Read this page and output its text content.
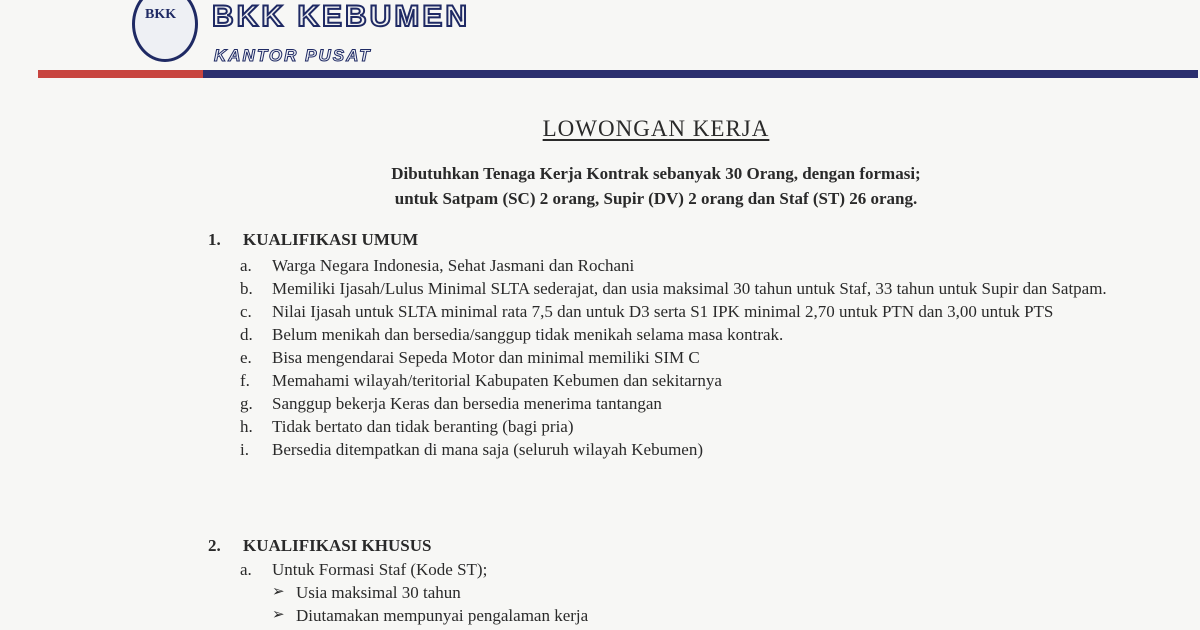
BKK BKK KEBUMEN
KANTOR PUSAT
LOWONGAN KERJA
Dibutuhkan Tenaga Kerja Kontrak sebanyak 30 Orang, dengan formasi;
untuk Satpam (SC) 2 orang, Supir (DV) 2 orang dan Staf (ST) 26 orang.
1. KUALIFIKASI UMUM
a.	Warga Negara Indonesia, Sehat Jasmani dan Rochani
b.	Memiliki Ijasah/Lulus Minimal SLTA sederajat, dan usia maksimal 30 tahun untuk Staf, 33 tahun untuk Supir dan Satpam.
c.	Nilai Ijasah untuk SLTA minimal rata 7,5 dan untuk D3 serta S1 IPK minimal 2,70 untuk PTN dan 3,00 untuk PTS
d.	Belum menikah dan bersedia/sanggup tidak menikah selama masa kontrak.
e.	Bisa mengendarai Sepeda Motor dan minimal memiliki SIM C
f.	Memahami wilayah/teritorial Kabupaten Kebumen dan sekitarnya
g.	Sanggup bekerja Keras dan bersedia menerima tantangan
h.	Tidak bertato dan tidak beranting (bagi pria)
i.	Bersedia ditempatkan di mana saja (seluruh wilayah Kebumen)
2. KUALIFIKASI KHUSUS
a.	Untuk Formasi Staf (Kode ST);
➢ Usia maksimal 30 tahun
➢ Diutamakan mempunyai pengalaman kerja
